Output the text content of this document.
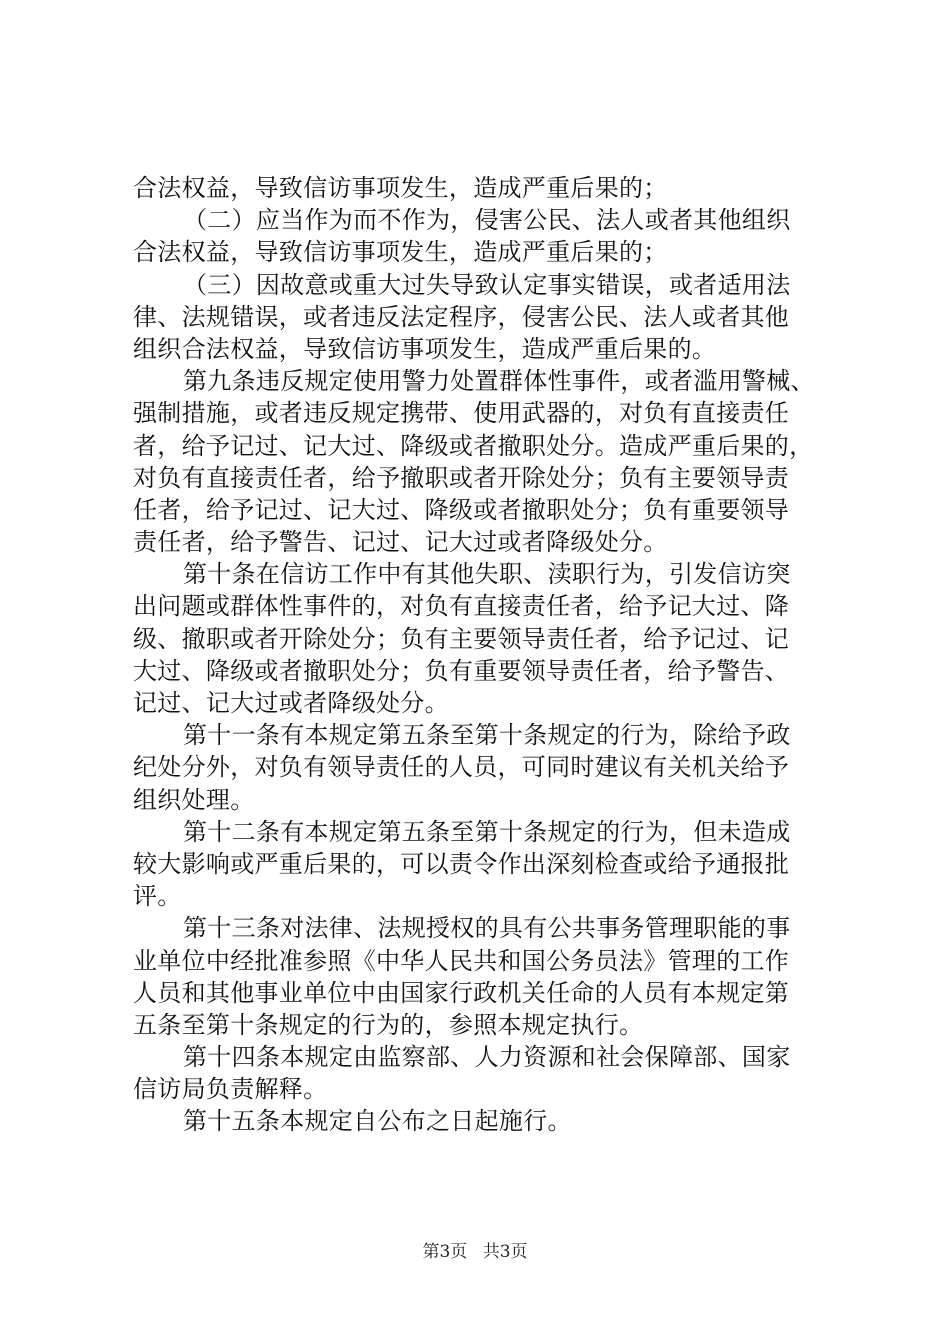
合法权益，导致信访事项发生，造成严重后果的；
（二）应当作为而不作为，侵害公民、法人或者其他组织
合法权益，导致信访事项发生，造成严重后果的；
（三）因故意或重大过失导致认定事实错误，或者适用法
律、法规错误，或者违反法定程序，侵害公民、法人或者其他
组织合法权益，导致信访事项发生，造成严重后果的。
第九条违反规定使用警力处置群体性事件，或者滥用警械、
强制措施，或者违反规定携带、使用武器的，对负有直接责任
者，给予记过、记大过、降级或者撤职处分。造成严重后果的，
对负有直接责任者，给予撤职或者开除处分；负有主要领导责
任者，给予记过、记大过、降级或者撤职处分；负有重要领导
责任者，给予警告、记过、记大过或者降级处分。
第十条在信访工作中有其他失职、渎职行为，引发信访突
出问题或群体性事件的，对负有直接责任者，给予记大过、降
级、撤职或者开除处分；负有主要领导责任者，给予记过、记
大过、降级或者撤职处分；负有重要领导责任者，给予警告、
记过、记大过或者降级处分。
第十一条有本规定第五条至第十条规定的行为，除给予政
纪处分外，对负有领导责任的人员，可同时建议有关机关给予
组织处理。
第十二条有本规定第五条至第十条规定的行为，但未造成
较大影响或严重后果的，可以责令作出深刻检查或给予通报批
评。
第十三条对法律、法规授权的具有公共事务管理职能的事
业单位中经批准参照《中华人民共和国公务员法》管理的工作
人员和其他事业单位中由国家行政机关任命的人员有本规定第
五条至第十条规定的行为的，参照本规定执行。
第十四条本规定由监察部、人力资源和社会保障部、国家
信访局负责解释。
第十五条本规定自公布之日起施行。
第3页 共3页
